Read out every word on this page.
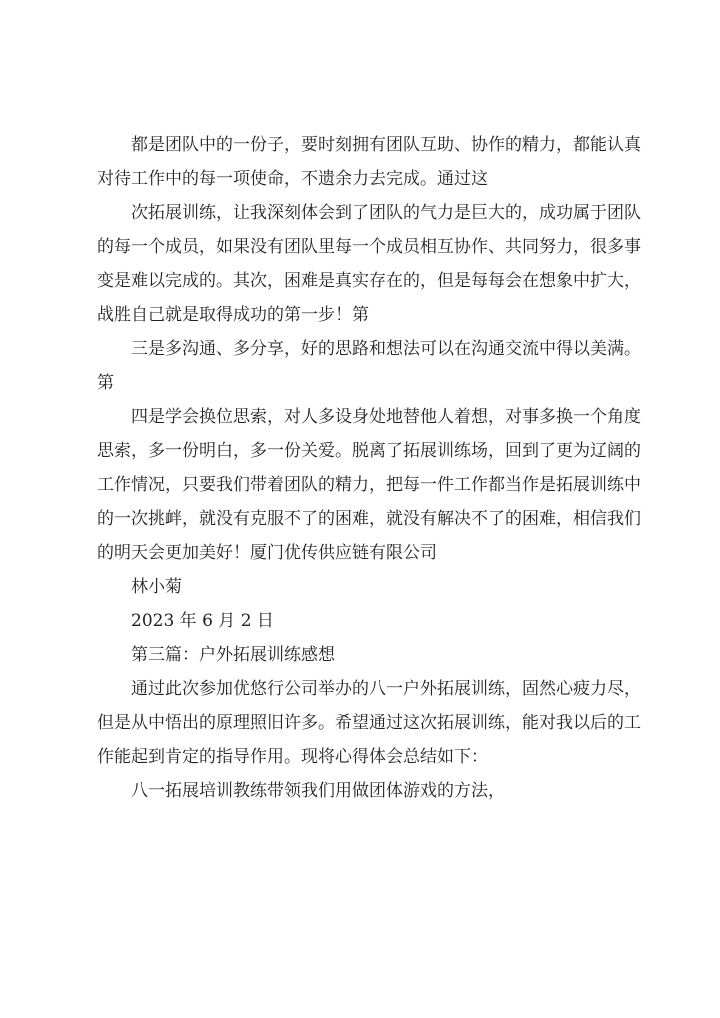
都是团队中的一份子，要时刻拥有团队互助、协作的精力，都能认真
对待工作中的每一项使命，不遗余力去完成。通过这
次拓展训练，让我深刻体会到了团队的气力是巨大的，成功属于团队
的每一个成员，如果没有团队里每一个成员相互协作、共同努力，很多事
变是难以完成的。其次，困难是真实存在的，但是每每会在想象中扩大，
战胜自己就是取得成功的第一步！第
三是多沟通、多分享，好的思路和想法可以在沟通交流中得以美满。
第
四是学会换位思索，对人多设身处地替他人着想，对事多换一个角度
思索，多一份明白，多一份关爱。脱离了拓展训练场，回到了更为辽阔的
工作情况，只要我们带着团队的精力，把每一件工作都当作是拓展训练中
的一次挑衅，就没有克服不了的困难，就没有解决不了的困难，相信我们
的明天会更加美好！厦门优传供应链有限公司
林小菊
2023 年 6 月 2 日
第三篇：户外拓展训练感想
通过此次参加优悠行公司举办的八一户外拓展训练，固然心疲力尽，
但是从中悟出的原理照旧许多。希望通过这次拓展训练，能对我以后的工
作能起到肯定的指导作用。现将心得体会总结如下：
八一拓展培训教练带领我们用做团体游戏的方法，
